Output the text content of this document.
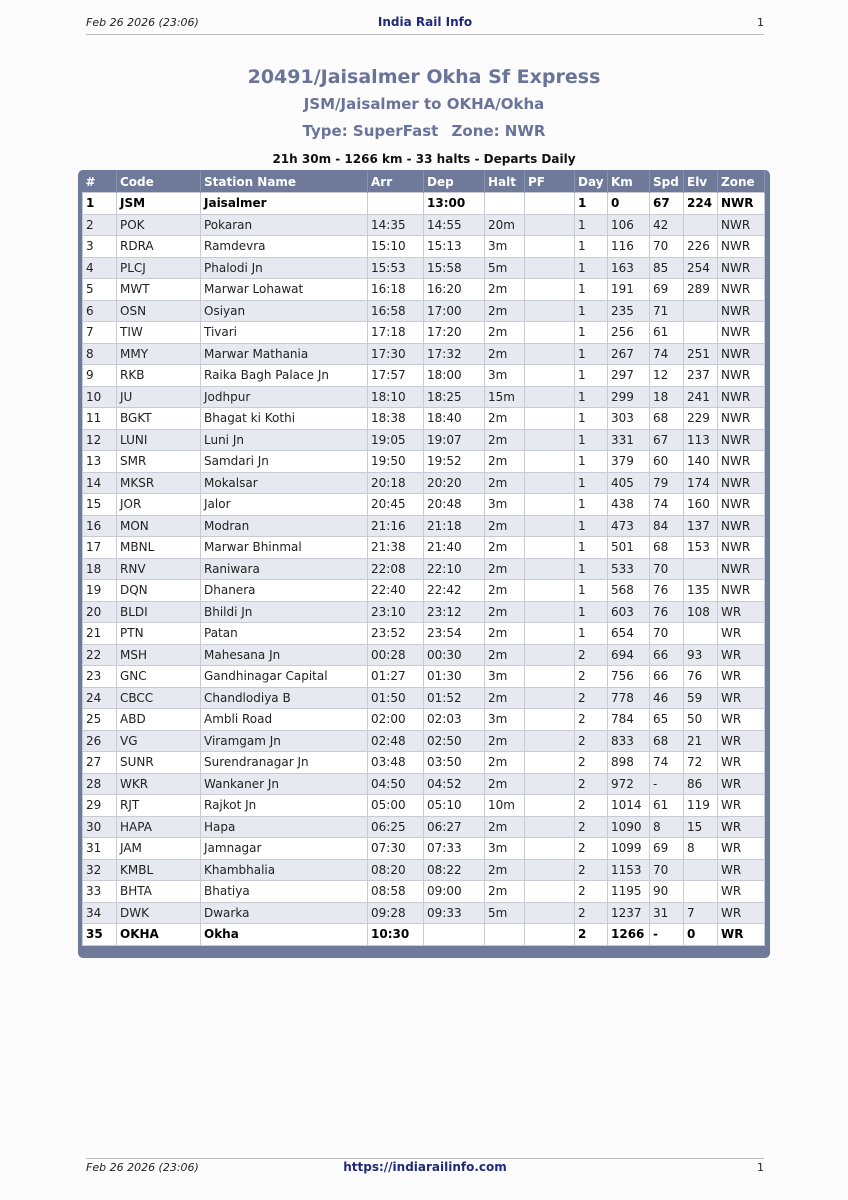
Feb 26 2026 (23:06)	India Rail Info	1
20491/Jaisalmer Okha Sf Express
JSM/Jaisalmer to OKHA/Okha
Type: SuperFast Zone: NWR
21h 30m - 1266 km - 33 halts - Departs Daily
#	Code	Station Name	Arr	Dep	Halt	PF	Day	Km	Spd	Elv	Zone
1	JSM	Jaisalmer		13:00			1	0	67	224	NWR
2	POK	Pokaran	14:35	14:55	20m		1	106	42		NWR
3	RDRA	Ramdevra	15:10	15:13	3m		1	116	70	226	NWR
4	PLCJ	Phalodi Jn	15:53	15:58	5m		1	163	85	254	NWR
5	MWT	Marwar Lohawat	16:18	16:20	2m		1	191	69	289	NWR
6	OSN	Osiyan	16:58	17:00	2m		1	235	71		NWR
7	TIW	Tivari	17:18	17:20	2m		1	256	61		NWR
8	MMY	Marwar Mathania	17:30	17:32	2m		1	267	74	251	NWR
9	RKB	Raika Bagh Palace Jn	17:57	18:00	3m		1	297	12	237	NWR
10	JU	Jodhpur	18:10	18:25	15m		1	299	18	241	NWR
11	BGKT	Bhagat ki Kothi	18:38	18:40	2m		1	303	68	229	NWR
12	LUNI	Luni Jn	19:05	19:07	2m		1	331	67	113	NWR
13	SMR	Samdari Jn	19:50	19:52	2m		1	379	60	140	NWR
14	MKSR	Mokalsar	20:18	20:20	2m		1	405	79	174	NWR
15	JOR	Jalor	20:45	20:48	3m		1	438	74	160	NWR
16	MON	Modran	21:16	21:18	2m		1	473	84	137	NWR
17	MBNL	Marwar Bhinmal	21:38	21:40	2m		1	501	68	153	NWR
18	RNV	Raniwara	22:08	22:10	2m		1	533	70		NWR
19	DQN	Dhanera	22:40	22:42	2m		1	568	76	135	NWR
20	BLDI	Bhildi Jn	23:10	23:12	2m		1	603	76	108	WR
21	PTN	Patan	23:52	23:54	2m		1	654	70		WR
22	MSH	Mahesana Jn	00:28	00:30	2m		2	694	66	93	WR
23	GNC	Gandhinagar Capital	01:27	01:30	3m		2	756	66	76	WR
24	CBCC	Chandlodiya B	01:50	01:52	2m		2	778	46	59	WR
25	ABD	Ambli Road	02:00	02:03	3m		2	784	65	50	WR
26	VG	Viramgam Jn	02:48	02:50	2m		2	833	68	21	WR
27	SUNR	Surendranagar Jn	03:48	03:50	2m		2	898	74	72	WR
28	WKR	Wankaner Jn	04:50	04:52	2m		2	972	-	86	WR
29	RJT	Rajkot Jn	05:00	05:10	10m		2	1014	61	119	WR
30	HAPA	Hapa	06:25	06:27	2m		2	1090	8	15	WR
31	JAM	Jamnagar	07:30	07:33	3m		2	1099	69	8	WR
32	KMBL	Khambhalia	08:20	08:22	2m		2	1153	70		WR
33	BHTA	Bhatiya	08:58	09:00	2m		2	1195	90		WR
34	DWK	Dwarka	09:28	09:33	5m		2	1237	31	7	WR
35	OKHA	Okha	10:30				2	1266	-	0	WR
Feb 26 2026 (23:06)	https://indiarailinfo.com	1
